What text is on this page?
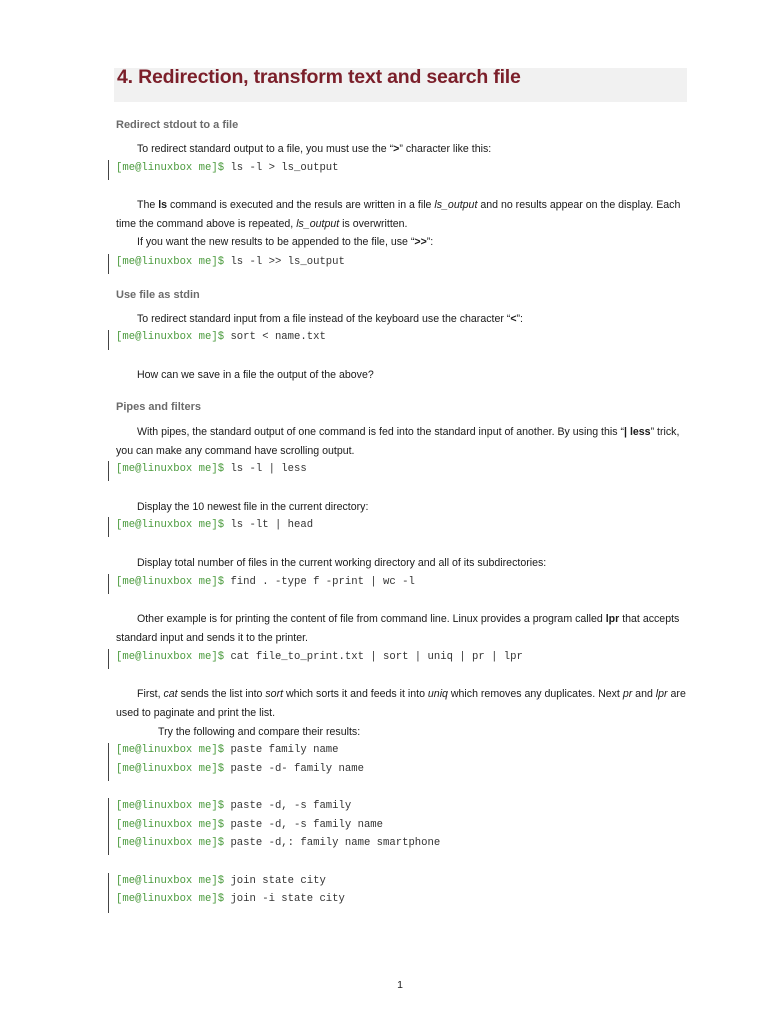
4. Redirection, transform text and search file
Redirect stdout to a file
To redirect standard output to a file, you must use the “>” character like this:
[me@linuxbox me]$ ls -l > ls_output
The ls command is executed and the resuls are written in a file ls_output and no results appear on the display. Each time the command above is repeated, ls_output is overwritten.
If you want the new results to be appended to the file, use “>>”:
[me@linuxbox me]$ ls -l >> ls_output
Use file as stdin
To redirect standard input from a file instead of the keyboard use the character “<”:
[me@linuxbox me]$ sort < name.txt
How can we save in a file the output of the above?
Pipes and filters
With pipes, the standard output of one command is fed into the standard input of another. By using this “| less” trick, you can make any command have scrolling output.
[me@linuxbox me]$ ls -l | less
Display the 10 newest file in the current directory:
[me@linuxbox me]$ ls -lt | head
Display total number of files in the current working directory and all of its subdirectories:
[me@linuxbox me]$ find . -type f -print | wc -l
Other example is for printing the content of file from command line. Linux provides a program called lpr that accepts standard input and sends it to the printer.
[me@linuxbox me]$ cat file_to_print.txt | sort | uniq | pr | lpr
First, cat sends the list into sort which sorts it and feeds it into uniq which removes any duplicates. Next pr and lpr are used to paginate and print the list.
Try the following and compare their results:
[me@linuxbox me]$ paste family name
[me@linuxbox me]$ paste -d- family name
[me@linuxbox me]$ paste -d, -s family
[me@linuxbox me]$ paste -d, -s family name
[me@linuxbox me]$ paste -d,: family name smartphone
[me@linuxbox me]$ join state city
[me@linuxbox me]$ join -i state city
1
